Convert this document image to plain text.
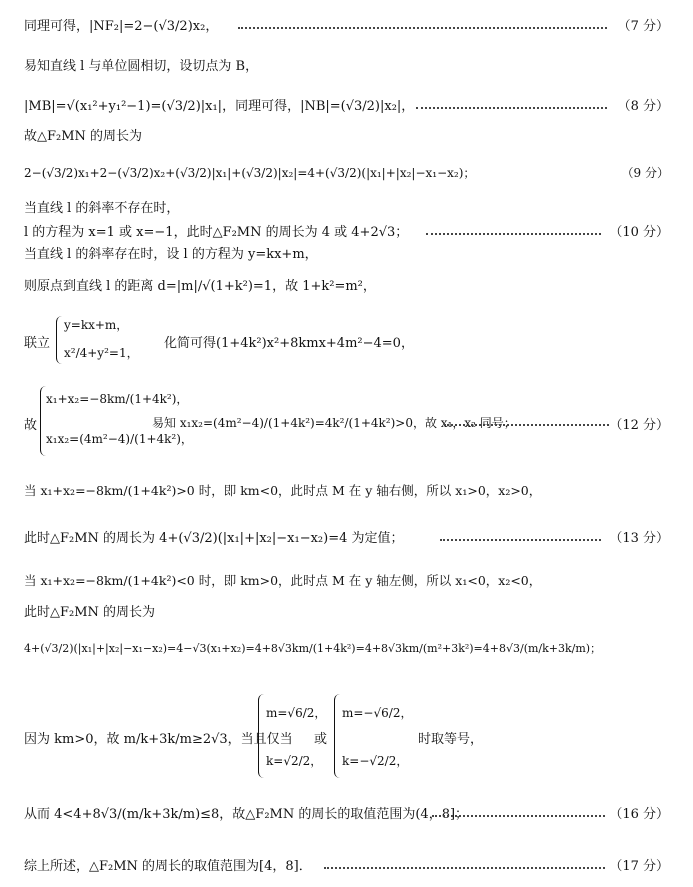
同理可得，|NF₂|=2−(√3/2)x₂，	（7 分）
易知直线 l 与单位圆相切，设切点为 B，
|MB|=√(x₁²+y₁²−1)=(√3/2)|x₁|，同理可得，|NB|=(√3/2)|x₂|，	（8 分）
故△F₂MN 的周长为
2−(√3/2)x₁+2−(√3/2)x₂+(√3/2)|x₁|+(√3/2)|x₂|=4+(√3/2)(|x₁|+|x₂|−x₁−x₂)；	（9 分）
当直线 l 的斜率不存在时，
l 的方程为 x=1 或 x=−1，此时△F₂MN 的周长为 4 或 4+2√3；	（10 分）
当直线 l 的斜率存在时，设 l 的方程为 y=kx+m，
则原点到直线 l 的距离 d=|m|/√(1+k²)=1，故 1+k²=m²，
联立
y=kx+m，
x²/4+y²=1，
化简可得(1+4k²)x²+8kmx+4m²−4=0，
故
x₁+x₂=−8km/(1+4k²)，
x₁x₂=(4m²−4)/(1+4k²)，
易知 x₁x₂=(4m²−4)/(1+4k²)=4k²/(1+4k²)>0，故 x₁，x₂ 同号；	（12 分）
当 x₁+x₂=−8km/(1+4k²)>0 时，即 km<0，此时点 M 在 y 轴右侧，所以 x₁>0，x₂>0，
此时△F₂MN 的周长为 4+(√3/2)(|x₁|+|x₂|−x₁−x₂)=4 为定值；	（13 分）
当 x₁+x₂=−8km/(1+4k²)<0 时，即 km>0，此时点 M 在 y 轴左侧，所以 x₁<0，x₂<0，
此时△F₂MN 的周长为
4+(√3/2)(|x₁|+|x₂|−x₁−x₂)=4−√3(x₁+x₂)=4+8√3km/(1+4k²)=4+8√3km/(m²+3k²)=4+8√3/(m/k+3k/m)；
因为 km>0，故 m/k+3k/m≥2√3，当且仅当
m=√6/2，
k=√2/2，
或
m=−√6/2，
k=−√2/2，
时取等号，
从而 4<4+8√3/(m/k+3k/m)≤8，故△F₂MN 的周长的取值范围为(4，8]；	（16 分）
综上所述，△F₂MN 的周长的取值范围为[4，8]．	（17 分）
